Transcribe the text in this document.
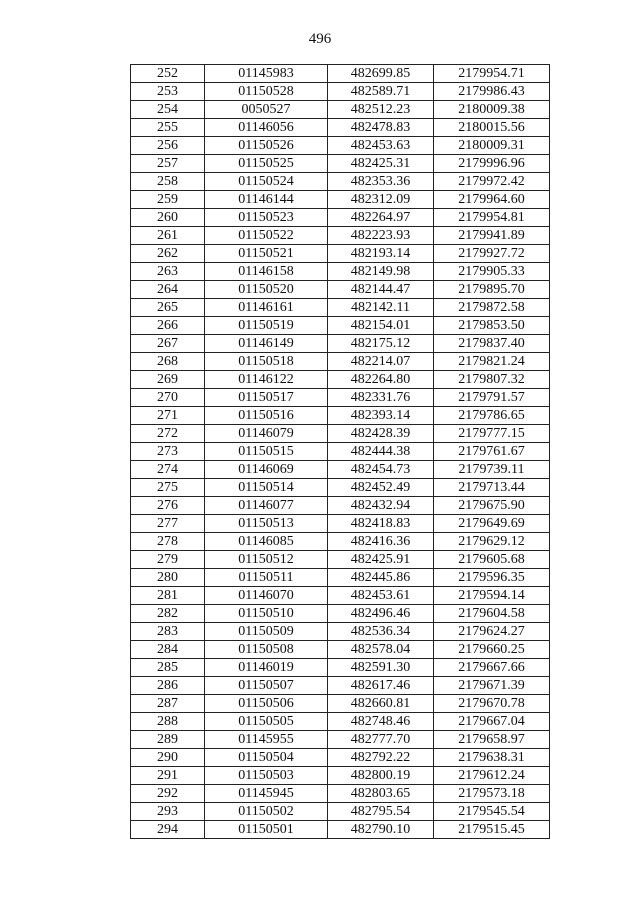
496
252	01145983	482699.85	2179954.71
253	01150528	482589.71	2179986.43
254	0050527	482512.23	2180009.38
255	01146056	482478.83	2180015.56
256	01150526	482453.63	2180009.31
257	01150525	482425.31	2179996.96
258	01150524	482353.36	2179972.42
259	01146144	482312.09	2179964.60
260	01150523	482264.97	2179954.81
261	01150522	482223.93	2179941.89
262	01150521	482193.14	2179927.72
263	01146158	482149.98	2179905.33
264	01150520	482144.47	2179895.70
265	01146161	482142.11	2179872.58
266	01150519	482154.01	2179853.50
267	01146149	482175.12	2179837.40
268	01150518	482214.07	2179821.24
269	01146122	482264.80	2179807.32
270	01150517	482331.76	2179791.57
271	01150516	482393.14	2179786.65
272	01146079	482428.39	2179777.15
273	01150515	482444.38	2179761.67
274	01146069	482454.73	2179739.11
275	01150514	482452.49	2179713.44
276	01146077	482432.94	2179675.90
277	01150513	482418.83	2179649.69
278	01146085	482416.36	2179629.12
279	01150512	482425.91	2179605.68
280	01150511	482445.86	2179596.35
281	01146070	482453.61	2179594.14
282	01150510	482496.46	2179604.58
283	01150509	482536.34	2179624.27
284	01150508	482578.04	2179660.25
285	01146019	482591.30	2179667.66
286	01150507	482617.46	2179671.39
287	01150506	482660.81	2179670.78
288	01150505	482748.46	2179667.04
289	01145955	482777.70	2179658.97
290	01150504	482792.22	2179638.31
291	01150503	482800.19	2179612.24
292	01145945	482803.65	2179573.18
293	01150502	482795.54	2179545.54
294	01150501	482790.10	2179515.45
